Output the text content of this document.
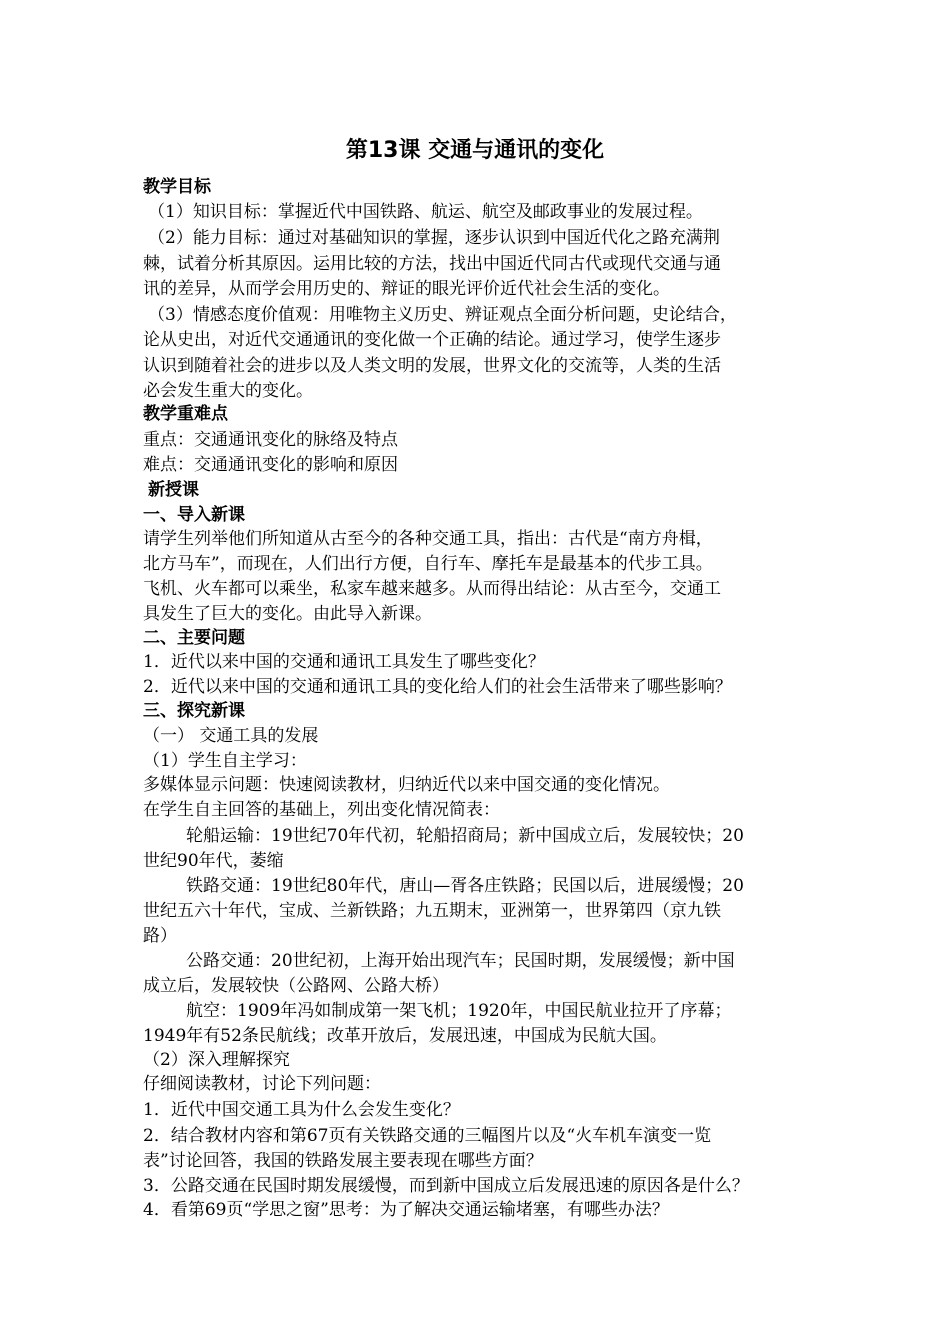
第13课 交通与通讯的变化
教学目标
（1）知识目标：掌握近代中国铁路、航运、航空及邮政事业的发展过程。
（2）能力目标：通过对基础知识的掌握，逐步认识到中国近代化之路充满荆
棘，试着分析其原因。运用比较的方法，找出中国近代同古代或现代交通与通
讯的差异，从而学会用历史的、辩证的眼光评价近代社会生活的变化。
（3）情感态度价值观：用唯物主义历史、辨证观点全面分析问题，史论结合，
论从史出，对近代交通通讯的变化做一个正确的结论。通过学习，使学生逐步
认识到随着社会的进步以及人类文明的发展，世界文化的交流等，人类的生活
必会发生重大的变化。
教学重难点
重点：交通通讯变化的脉络及特点
难点：交通通讯变化的影响和原因
新授课
一、导入新课
请学生列举他们所知道从古至今的各种交通工具，指出：古代是“南方舟楫，
北方马车”，而现在，人们出行方便，自行车、摩托车是最基本的代步工具。
飞机、火车都可以乘坐，私家车越来越多。从而得出结论：从古至今，交通工
具发生了巨大的变化。由此导入新课。
二、主要问题
1．近代以来中国的交通和通讯工具发生了哪些变化？
2．近代以来中国的交通和通讯工具的变化给人们的社会生活带来了哪些影响？
三、探究新课
（一） 交通工具的发展
（1）学生自主学习：
多媒体显示问题：快速阅读教材，归纳近代以来中国交通的变化情况。
在学生自主回答的基础上，列出变化情况简表：
轮船运输：19世纪70年代初，轮船招商局；新中国成立后，发展较快；20
世纪90年代，萎缩
铁路交通：19世纪80年代，唐山—胥各庄铁路；民国以后，进展缓慢；20
世纪五六十年代，宝成、兰新铁路；九五期末，亚洲第一，世界第四（京九铁
路）
公路交通：20世纪初，上海开始出现汽车；民国时期，发展缓慢；新中国
成立后，发展较快（公路网、公路大桥）
航空：1909年冯如制成第一架飞机；1920年，中国民航业拉开了序幕；
1949年有52条民航线；改革开放后，发展迅速，中国成为民航大国。
（2）深入理解探究
仔细阅读教材，讨论下列问题：
1．近代中国交通工具为什么会发生变化？
2．结合教材内容和第67页有关铁路交通的三幅图片以及“火车机车演变一览
表”讨论回答，我国的铁路发展主要表现在哪些方面？
3．公路交通在民国时期发展缓慢，而到新中国成立后发展迅速的原因各是什么？
4．看第69页“学思之窗”思考：为了解决交通运输堵塞，有哪些办法？
